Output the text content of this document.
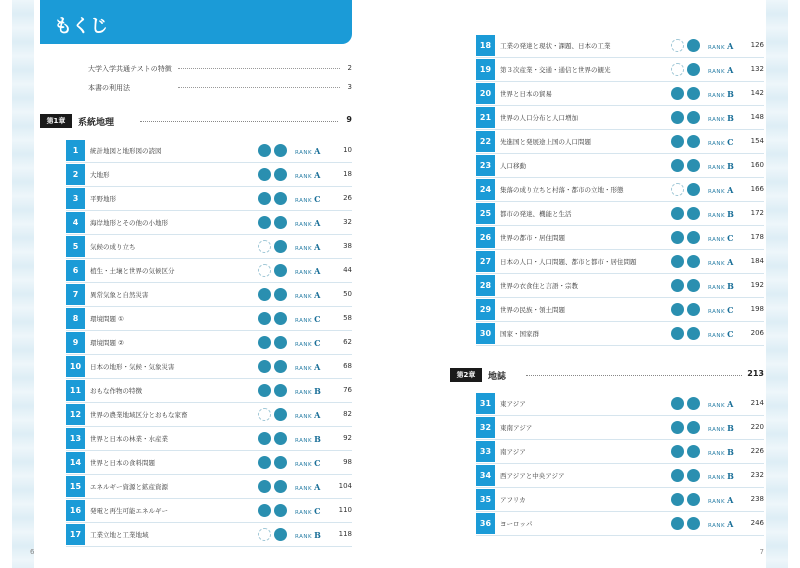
もくじ
大学入学共通テストの特徴	2
本書の利用法	3
第1章	系統地理	9
1	統計地図と地形図の読図	RANK A	10
2	大地形	RANK A	18
3	平野地形	RANK C	26
4	海岸地形とその他の小地形	RANK A	32
5	気候の成り立ち	RANK A	38
6	植生・土壌と世界の気候区分	RANK A	44
7	異常気象と自然災害	RANK A	50
8	環境問題 ①	RANK C	58
9	環境問題 ②	RANK C	62
10	日本の地形・気候・気象災害	RANK A	68
11	おもな作物の特徴	RANK B	76
12	世界の農業地域区分とおもな家畜	RANK A	82
13	世界と日本の林業・水産業	RANK B	92
14	世界と日本の食料問題	RANK C	98
15	エネルギー資源と鉱産資源	RANK A	104
16	発電と再生可能エネルギー	RANK C	110
17	工業立地と工業地域	RANK B 118
6
18	工業の発達と現状・課題、日本の工業	RANK A 126
19	第３次産業・交通・通信と世界の観光	RANK A 132
20	世界と日本の貿易	RANK B 142
21	世界の人口分布と人口増加	RANK B 148
22	先進国と発展途上国の人口問題	RANK C 154
23	人口移動	RANK B 160
24	集落の成り立ちと村落・都市の立地・形態	RANK A 166
25	都市の発達、機能と生活	RANK B 172
26	世界の都市・居住問題	RANK C 178
27	日本の人口・人口問題、都市と都市・居住問題	RANK A 184
28	世界の衣食住と言語・宗教	RANK B 192
29	世界の民族・領土問題	RANK C 198
30	国家・国家群	RANK C 206
第2章	地誌	213
31	東アジア	RANK A 214
32	東南アジア	RANK B 220
33	南アジア	RANK B 226
34	西アジアと中央アジア	RANK B 232
35	アフリカ	RANK A 238
36	ヨーロッパ	RANK A 246
7
